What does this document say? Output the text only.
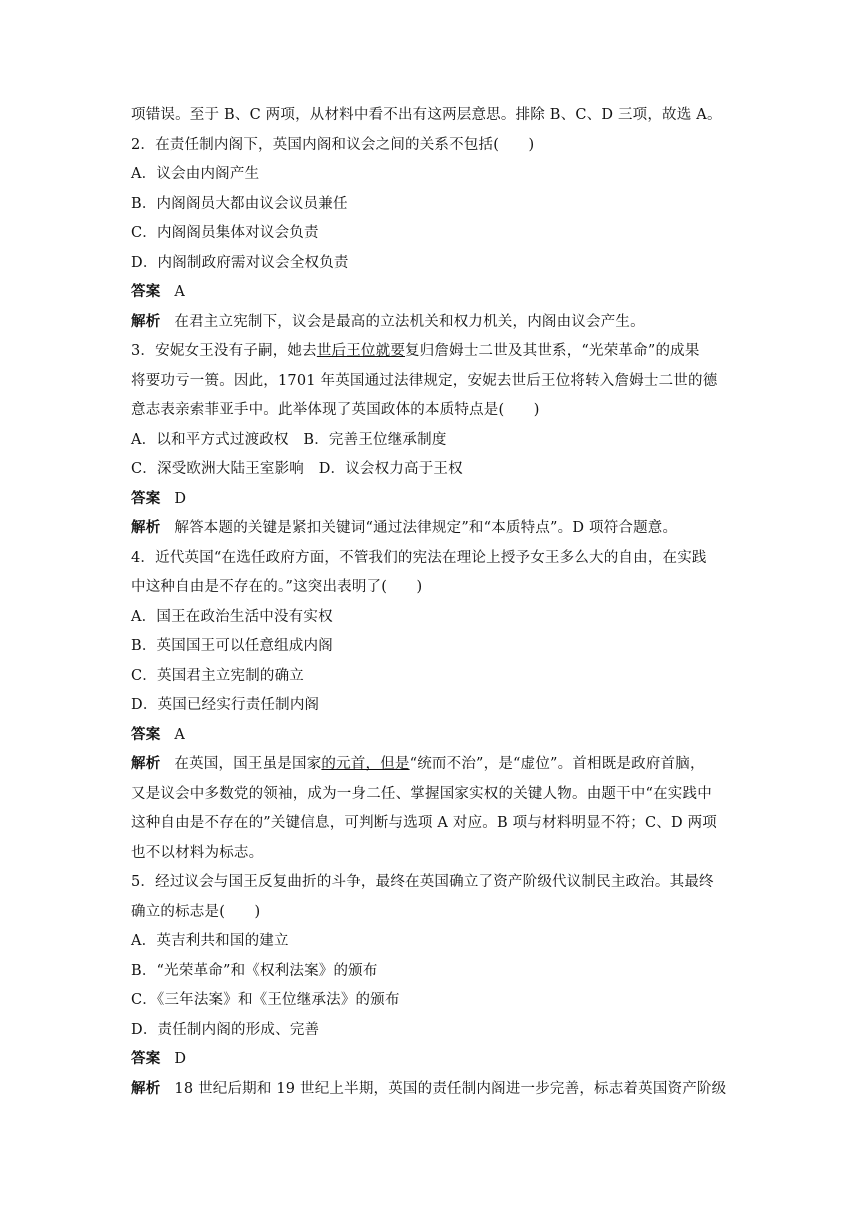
项错误。至于 B、C 两项，从材料中看不出有这两层意思。排除 B、C、D 三项，故选 A。
2．在责任制内阁下，英国内阁和议会之间的关系不包括(　　)
A．议会由内阁产生
B．内阁阁员大都由议会议员兼任
C．内阁阁员集体对议会负责
D．内阁制政府需对议会全权负责
答案 A
解析 在君主立宪制下，议会是最高的立法机关和权力机关，内阁由议会产生。
3．安妮女王没有子嗣，她去世后王位就要复归詹姆士二世及其世系，“光荣革命”的成果
将要功亏一篑。因此，1701 年英国通过法律规定，安妮去世后王位将转入詹姆士二世的德
意志表亲索菲亚手中。此举体现了英国政体的本质特点是(　　)
A．以和平方式过渡政权　B．完善王位继承制度
C．深受欧洲大陆王室影响　D．议会权力高于王权
答案 D
解析 解答本题的关键是紧扣关键词“通过法律规定”和“本质特点”。D 项符合题意。
4．近代英国“在选任政府方面，不管我们的宪法在理论上授予女王多么大的自由，在实践
中这种自由是不存在的。”这突出表明了(　　)
A．国王在政治生活中没有实权
B．英国国王可以任意组成内阁
C．英国君主立宪制的确立
D．英国已经实行责任制内阁
答案 A
解析 在英国，国王虽是国家的元首，但是“统而不治”，是“虚位”。首相既是政府首脑，
又是议会中多数党的领袖，成为一身二任、掌握国家实权的关键人物。由题干中“在实践中
这种自由是不存在的”关键信息，可判断与选项 A 对应。B 项与材料明显不符；C、D 两项
也不以材料为标志。
5．经过议会与国王反复曲折的斗争，最终在英国确立了资产阶级代议制民主政治。其最终
确立的标志是(　　)
A．英吉利共和国的建立
B．“光荣革命”和《权利法案》的颁布
C．《三年法案》和《王位继承法》的颁布
D．责任制内阁的形成、完善
答案 D
解析 18 世纪后期和 19 世纪上半期，英国的责任制内阁进一步完善，标志着英国资产阶级
